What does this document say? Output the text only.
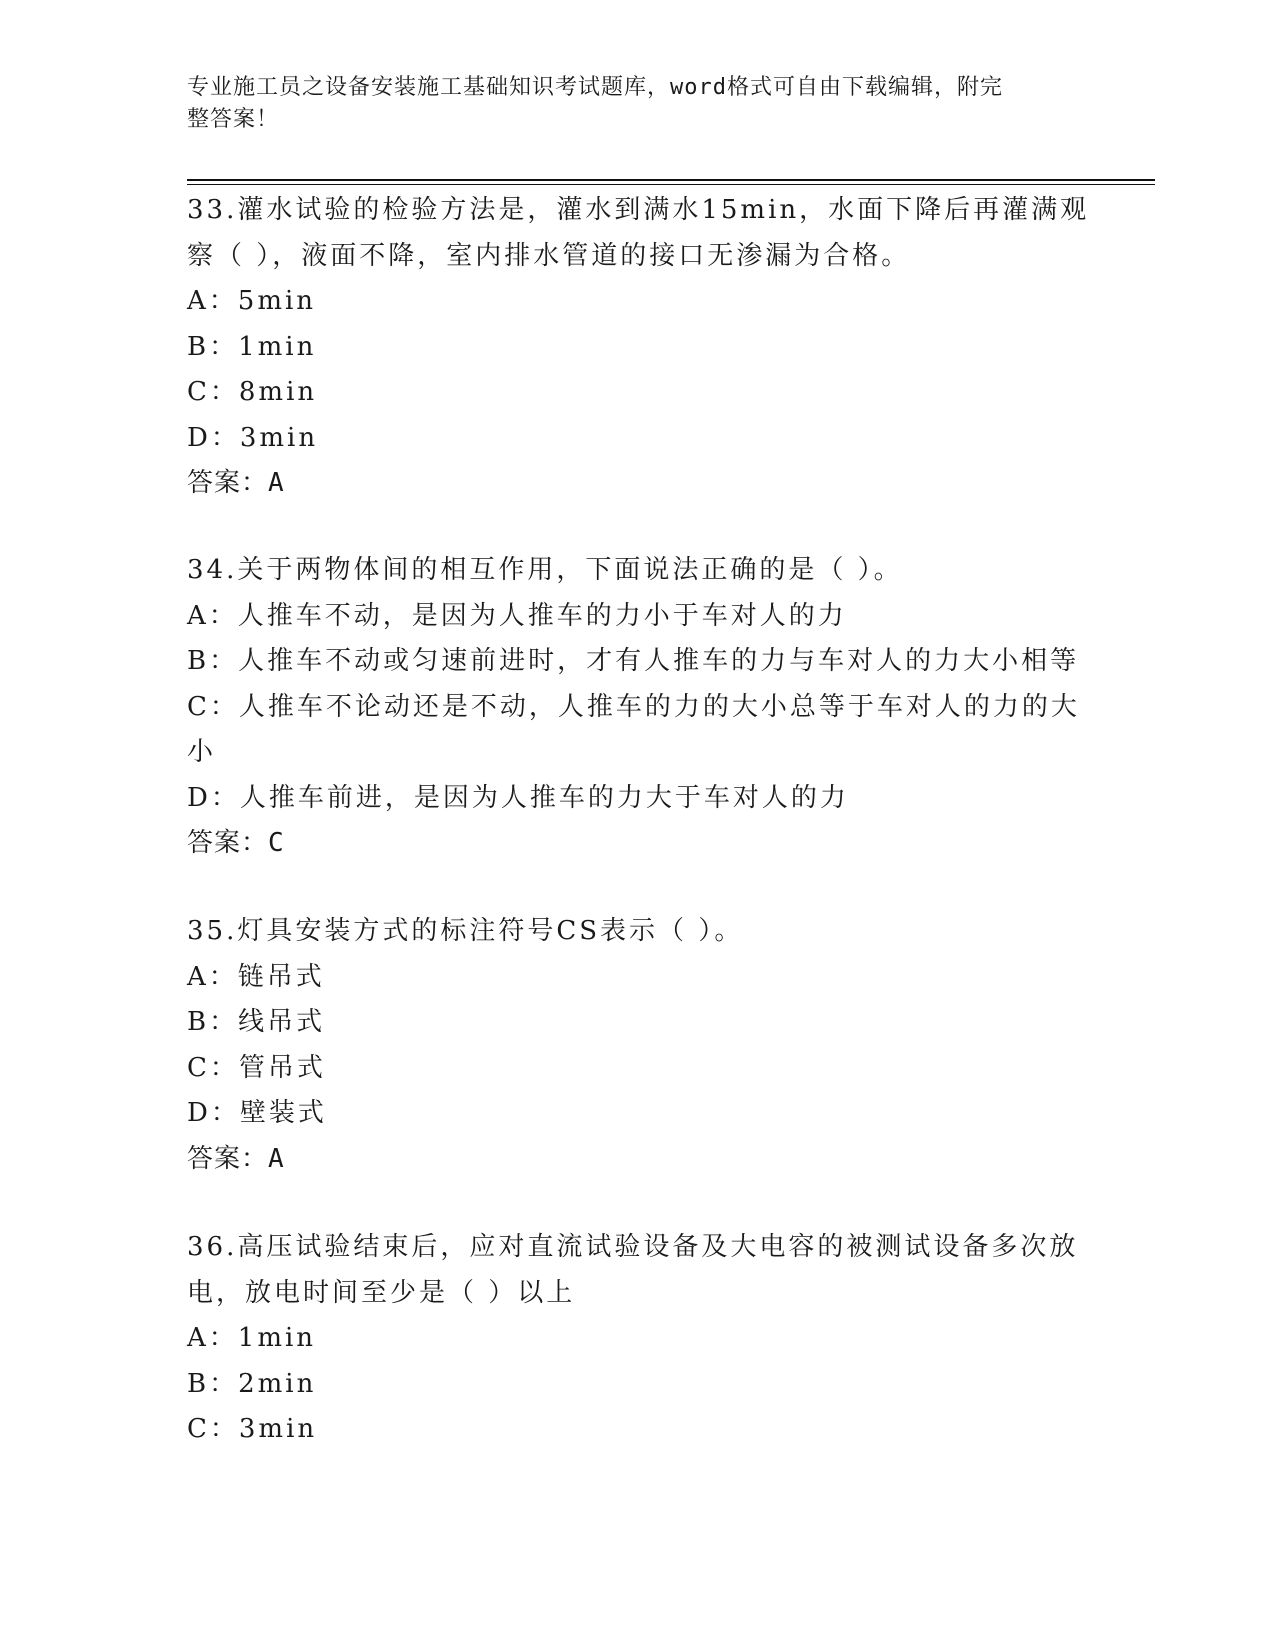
专业施工员之设备安装施工基础知识考试题库，word格式可自由下载编辑，附完
整答案！
33.灌水试验的检验方法是，灌水到满水15min，水面下降后再灌满观
察（ ），液面不降，室内排水管道的接口无渗漏为合格。
A：5min
B：1min
C：8min
D：3min
答案：A
34.关于两物体间的相互作用，下面说法正确的是（ ）。
A：人推车不动，是因为人推车的力小于车对人的力
B：人推车不动或匀速前进时，才有人推车的力与车对人的力大小相等
C：人推车不论动还是不动，人推车的力的大小总等于车对人的力的大
小
D：人推车前进，是因为人推车的力大于车对人的力
答案：C
35.灯具安装方式的标注符号CS表示（ ）。
A：链吊式
B：线吊式
C：管吊式
D：壁装式
答案：A
36.高压试验结束后，应对直流试验设备及大电容的被测试设备多次放
电，放电时间至少是（ ）以上
A：1min
B：2min
C：3min
